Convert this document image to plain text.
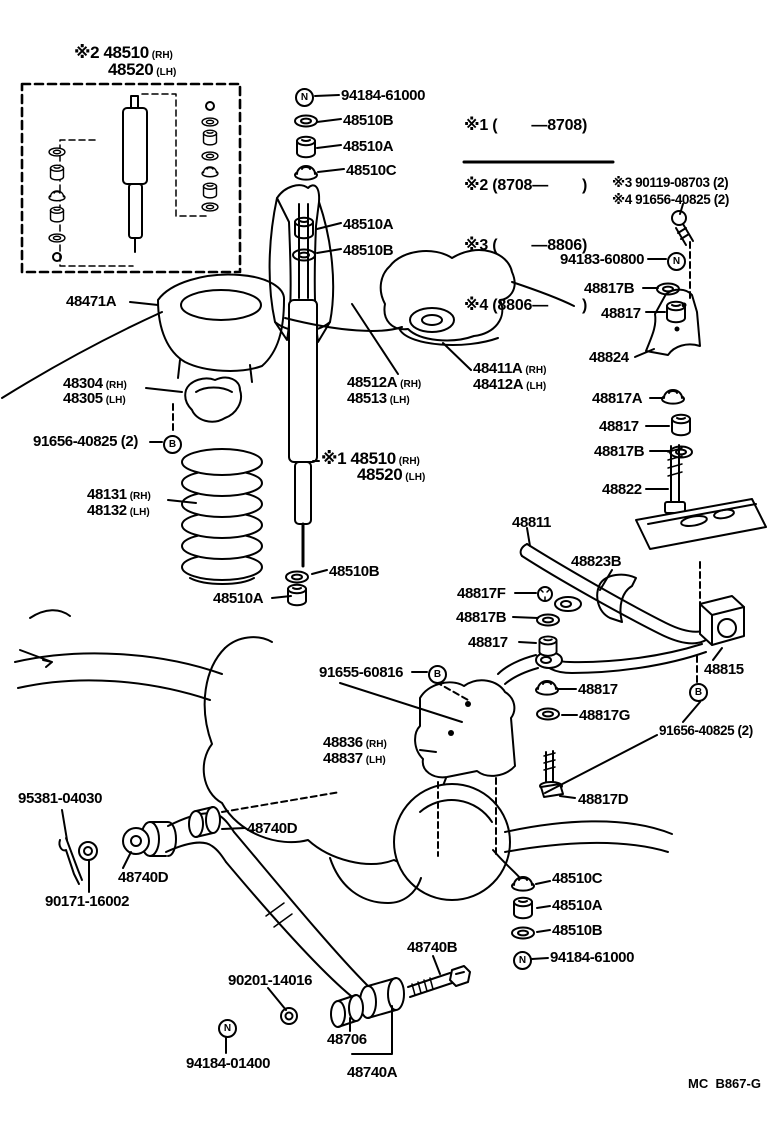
※1 (        —8708)

※2 (8708—        )

※3 (        —8806)

※4 (8806—        )

N
N
B
B
B
N
N
※2 48510 (RH)
48520 (LH)
94184-61000
48510B
48510A
48510C
48510A
48510B
※3 90119-08703 (2)
※4 91656-40825 (2)
94183-60800
48817B
48817
48824
48817A
48817
48817B
48822
48811
48823B
48817F
48817B
48817
48815
48817
48817G
91656-40825 (2)
91655-60816
48836 (RH)
48837 (LH)
48817D
95381-04030
48740D
48740D
90171-16002
90201-14016
94184-01400
48706
48740A
48740B
48510C
48510A
48510B
94184-61000
48471A
48304 (RH)
48305 (LH)
91656-40825 (2)
48131 (RH)
48132 (LH)
48510B
48510A
48512A (RH)
48513 (LH)
48411A (RH)
48412A (LH)
※1 48510 (RH)
48520 (LH)
MC  B867-G
